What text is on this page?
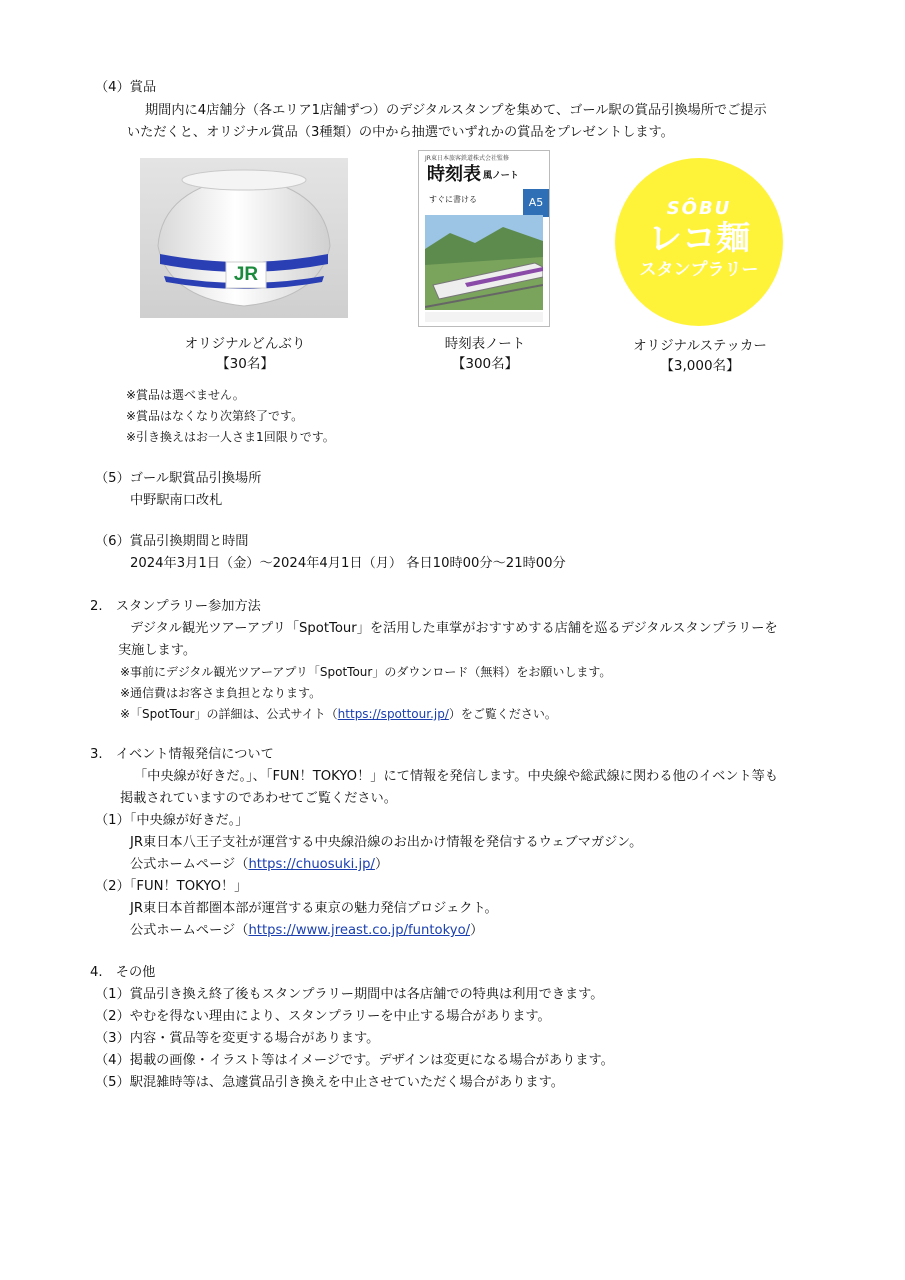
（4）賞品
期間内に4店舗分（各エリア1店舗ずつ）のデジタルスタンプを集めて、ゴール駅の賞品引換場所でご提示
いただくと、オリジナル賞品（3種類）の中から抽選でいずれかの賞品をプレゼントします。
JR
JR東日本旅客鉄道株式会社監修
時刻表 風ノート
A5
すぐに書ける	SÔBU
レコ麺
スタンプラリー
オリジナルどんぶり
【30名】
時刻表ノート
【300名】
オリジナルステッカー
【3,000名】
※賞品は選べません。
※賞品はなくなり次第終了です。
※引き換えはお一人さま1回限りです。
（5）ゴール駅賞品引換場所
中野駅南口改札
（6）賞品引換期間と時間
2024年3月1日（金）～2024年4月1日（月） 各日10時00分～21時00分
2.　スタンプラリー参加方法
デジタル観光ツアーアプリ「SpotTour」を活用した車掌がおすすめする店舗を巡るデジタルスタンプラリーを
実施します。
※事前にデジタル観光ツアーアプリ「SpotTour」のダウンロード（無料）をお願いします。
※通信費はお客さま負担となります。
※「SpotTour」の詳細は、公式サイト（https://spottour.jp/）をご覧ください。
3.　イベント情報発信について
「中央線が好きだ。」、「FUN！TOKYO！」にて情報を発信します。中央線や総武線に関わる他のイベント等も
掲載されていますのであわせてご覧ください。
（1）「中央線が好きだ。」
JR東日本八王子支社が運営する中央線沿線のお出かけ情報を発信するウェブマガジン。
公式ホームページ（https://chuosuki.jp/）
（2）「FUN！TOKYO！」
JR東日本首都圏本部が運営する東京の魅力発信プロジェクト。
公式ホームページ（https://www.jreast.co.jp/funtokyo/）
4.　その他
（1）賞品引き換え終了後もスタンプラリー期間中は各店舗での特典は利用できます。
（2）やむを得ない理由により、スタンプラリーを中止する場合があります。
（3）内容・賞品等を変更する場合があります。
（4）掲載の画像・イラスト等はイメージです。デザインは変更になる場合があります。
（5）駅混雑時等は、急遽賞品引き換えを中止させていただく場合があります。
